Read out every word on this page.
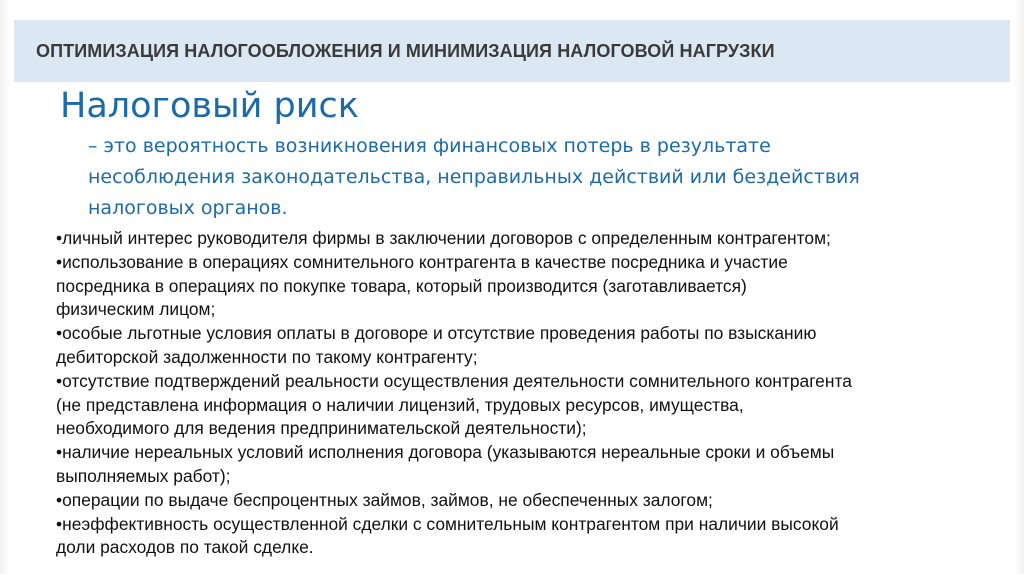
ОПТИМИЗАЦИЯ НАЛОГООБЛОЖЕНИЯ И МИНИМИЗАЦИЯ НАЛОГОВОЙ НАГРУЗКИ
Налоговый риск
– это вероятность возникновения финансовых потерь в результате
несоблюдения законодательства, неправильных действий или бездействия
налоговых органов.
•личный интерес руководителя фирмы в заключении договоров с определенным контрагентом;
•использование в операциях сомнительного контрагента в качестве посредника и участие
посредника в операциях по покупке товара, который производится (заготавливается)
физическим лицом;
•особые льготные условия оплаты в договоре и отсутствие проведения работы по взысканию
дебиторской задолженности по такому контрагенту;
•отсутствие подтверждений реальности осуществления деятельности сомнительного контрагента
(не представлена информация о наличии лицензий, трудовых ресурсов, имущества,
необходимого для ведения предпринимательской деятельности);
•наличие нереальных условий исполнения договора (указываются нереальные сроки и объемы
выполняемых работ);
•операции по выдаче беспроцентных займов, займов, не обеспеченных залогом;
•неэффективность осуществленной сделки с сомнительным контрагентом при наличии высокой
доли расходов по такой сделке.
